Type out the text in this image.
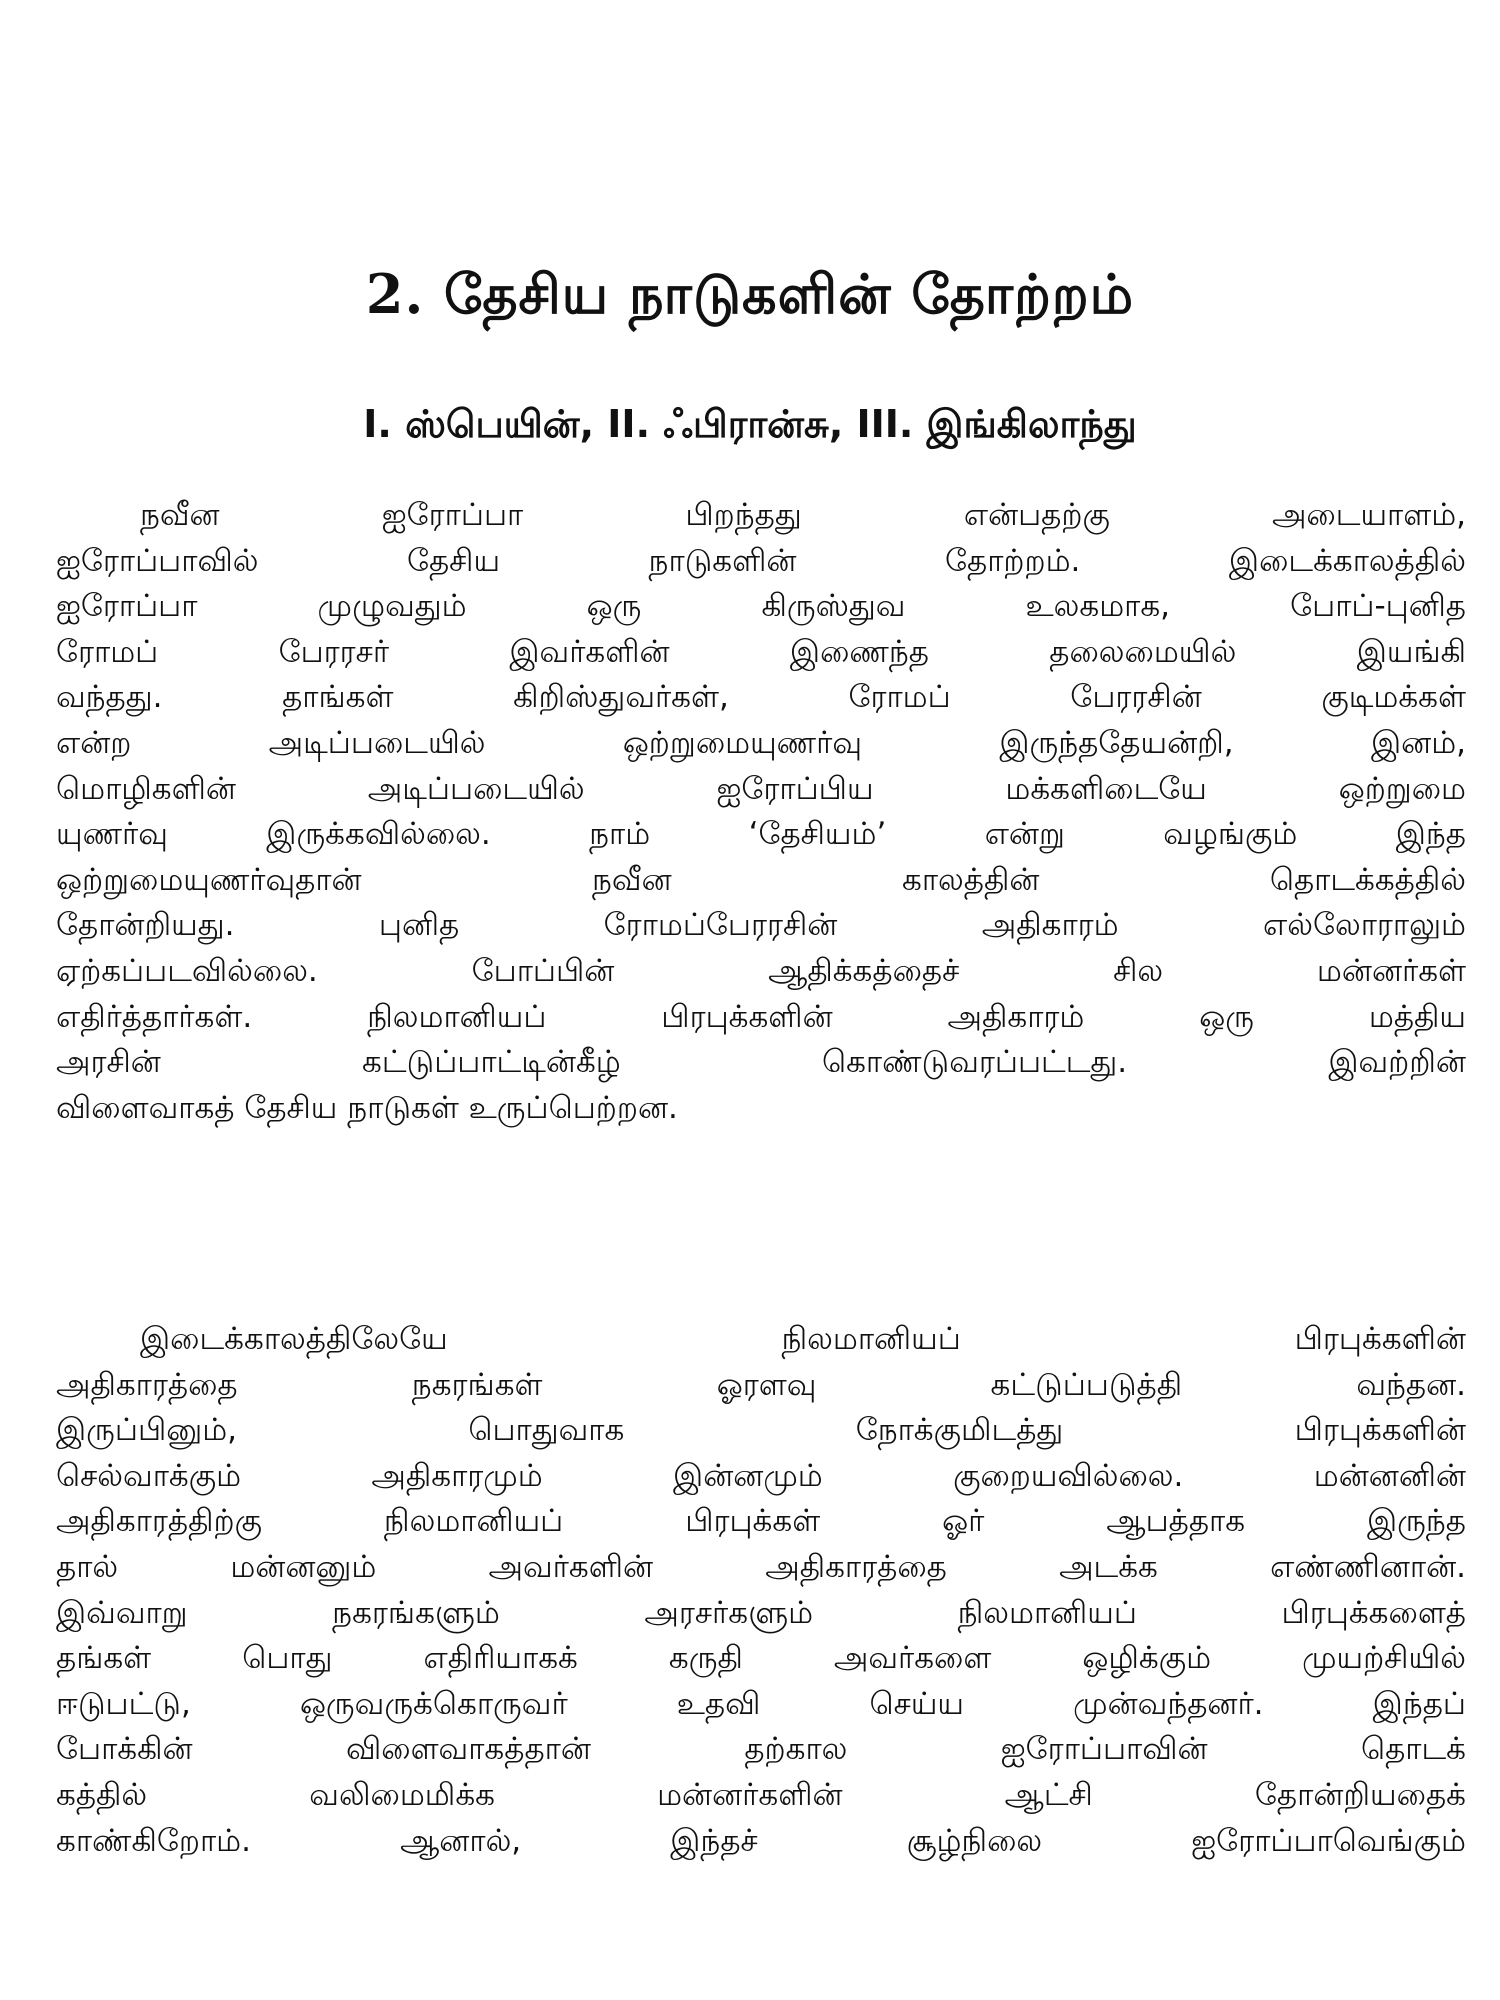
2. தேசிய நாடுகளின் தோற்றம்
I. ஸ்பெயின், II. ஃபிரான்சு, III. இங்கிலாந்து
நவீன ஐரோப்பா பிறந்தது என்பதற்கு அடையாளம்,
ஐரோப்பாவில் தேசிய நாடுகளின் தோற்றம். இடைக்காலத்தில்
ஐரோப்பா முழுவதும் ஒரு கிருஸ்துவ உலகமாக, போப்-புனித
ரோமப் பேரரசர் இவர்களின் இணைந்த தலைமையில் இயங்கி
வந்தது. தாங்கள் கிறிஸ்துவர்கள், ரோமப் பேரரசின் குடிமக்கள்
என்ற அடிப்படையில் ஒற்றுமையுணர்வு இருந்ததேயன்றி, இனம்,
மொழிகளின் அடிப்படையில் ஐரோப்பிய மக்களிடையே ஒற்றுமை
யுணர்வு இருக்கவில்லை. நாம் ‘தேசியம்’ என்று வழங்கும் இந்த
ஒற்றுமையுணர்வுதான் நவீன காலத்தின் தொடக்கத்தில்
தோன்றியது. புனித ரோமப்பேரரசின் அதிகாரம் எல்லோராலும்
ஏற்கப்படவில்லை. போப்பின் ஆதிக்கத்தைச் சில மன்னர்கள்
எதிர்த்தார்கள். நிலமானியப் பிரபுக்களின் அதிகாரம் ஒரு மத்திய
அரசின் கட்டுப்பாட்டின்கீழ் கொண்டுவரப்பட்டது. இவற்றின்
விளைவாகத் தேசிய நாடுகள் உருப்பெற்றன.
இடைக்காலத்திலேயே நிலமானியப் பிரபுக்களின்
அதிகாரத்தை நகரங்கள் ஓரளவு கட்டுப்படுத்தி வந்தன.
இருப்பினும், பொதுவாக நோக்குமிடத்து பிரபுக்களின்
செல்வாக்கும் அதிகாரமும் இன்னமும் குறையவில்லை. மன்னனின்
அதிகாரத்திற்கு நிலமானியப் பிரபுக்கள் ஓர் ஆபத்தாக இருந்த
தால் மன்னனும் அவர்களின் அதிகாரத்தை அடக்க எண்ணினான்.
இவ்வாறு நகரங்களும் அரசர்களும் நிலமானியப் பிரபுக்களைத்
தங்கள் பொது எதிரியாகக் கருதி அவர்களை ஒழிக்கும் முயற்சியில்
ஈடுபட்டு, ஒருவருக்கொருவர் உதவி செய்ய முன்வந்தனர். இந்தப்
போக்கின் விளைவாகத்தான் தற்கால ஐரோப்பாவின் தொடக்
கத்தில் வலிமைமிக்க மன்னர்களின் ஆட்சி தோன்றியதைக்
காண்கிறோம். ஆனால், இந்தச் சூழ்நிலை ஐரோப்பாவெங்கும்
